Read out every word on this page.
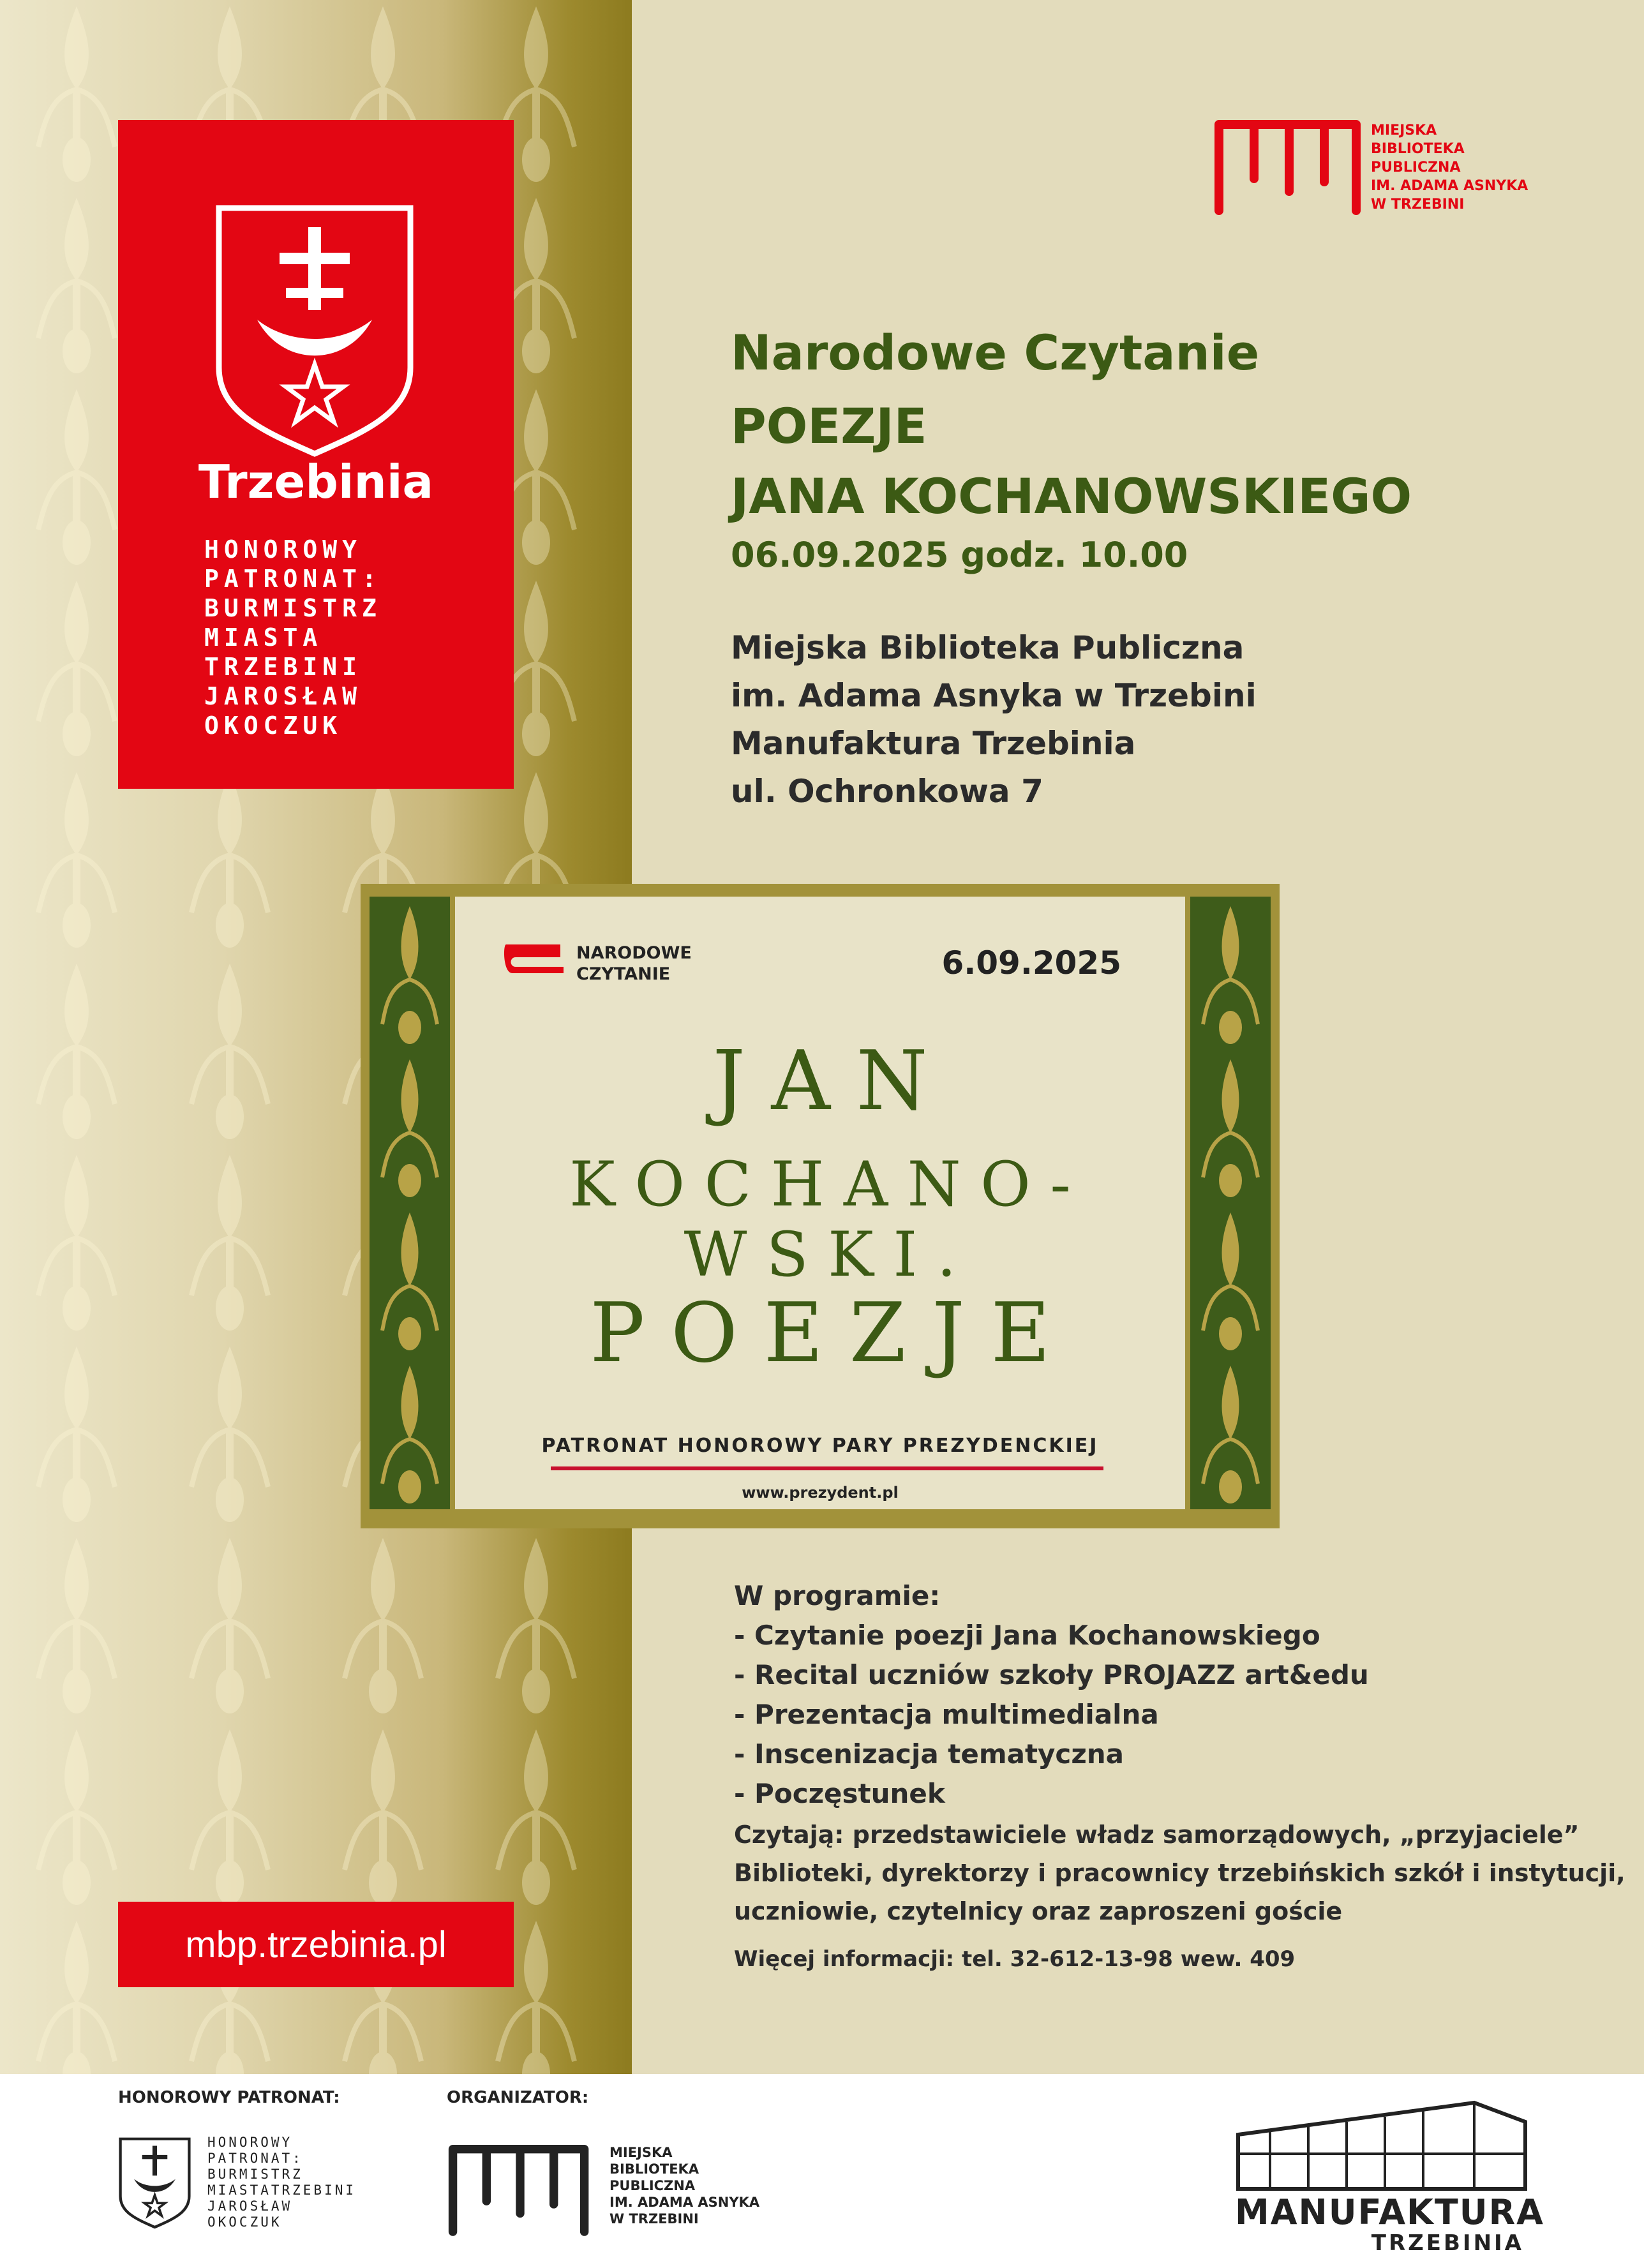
Trzebinia
HONOROWY
PATRONAT:
BURMISTRZ
MIASTA
TRZEBINI
JAROSŁAW
OKOCZUK
mbp.trzebinia.pl
MIEJSKA
BIBLIOTEKA
PUBLICZNA
IM. ADAMA ASNYKA
W TRZEBINI
Narodowe Czytanie
POEZJE
JANA KOCHANOWSKIEGO
06.09.2025 godz. 10.00
Miejska Biblioteka Publiczna
im. Adama Asnyka w Trzebini
Manufaktura Trzebinia
ul. Ochronkowa 7
NARODOWE
CZYTANIE	6.09.2025
J A N
K O C H A N O -
W S K I .
P O E Z J E
PATRONAT HONOROWY PARY PREZYDENCKIEJ
www.prezydent.pl
W programie:
- Czytanie poezji Jana Kochanowskiego
- Recital uczniów szkoły PROJAZZ art&edu
- Prezentacja multimedialna
- Inscenizacja tematyczna
- Poczęstunek
Czytają: przedstawiciele władz samorządowych, „przyjaciele”
Biblioteki, dyrektorzy i pracownicy trzebińskich szkół i instytucji,
uczniowie, czytelnicy oraz zaproszeni goście
Więcej informacji: tel. 32-612-13-98 wew. 409
HONOROWY PATRONAT:	ORGANIZATOR:
HONOROWY
PATRONAT:
BURMISTRZ
MIASTATRZEBINI
JAROSŁAW
OKOCZUK
MIEJSKA
BIBLIOTEKA
PUBLICZNA
IM. ADAMA ASNYKA
W TRZEBINI	MANUFAKTURA
TRZEBINIA
